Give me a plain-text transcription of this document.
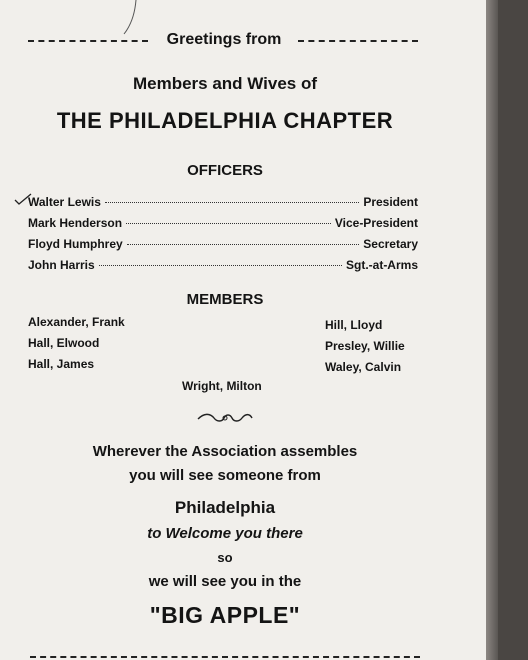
Greetings from
Members and Wives of
THE PHILADELPHIA CHAPTER
OFFICERS
Walter Lewis	President
Mark Henderson	Vice-President
Floyd Humphrey	Secretary
John Harris	Sgt.-at-Arms
MEMBERS
Alexander, Frank
Hall, Elwood
Hall, James
Hill, Lloyd
Presley, Willie
Waley, Calvin
Wright, Milton
Wherever the Association assembles
you will see someone from
Philadelphia
to Welcome you there
so
we will see you in the
"BIG APPLE"
